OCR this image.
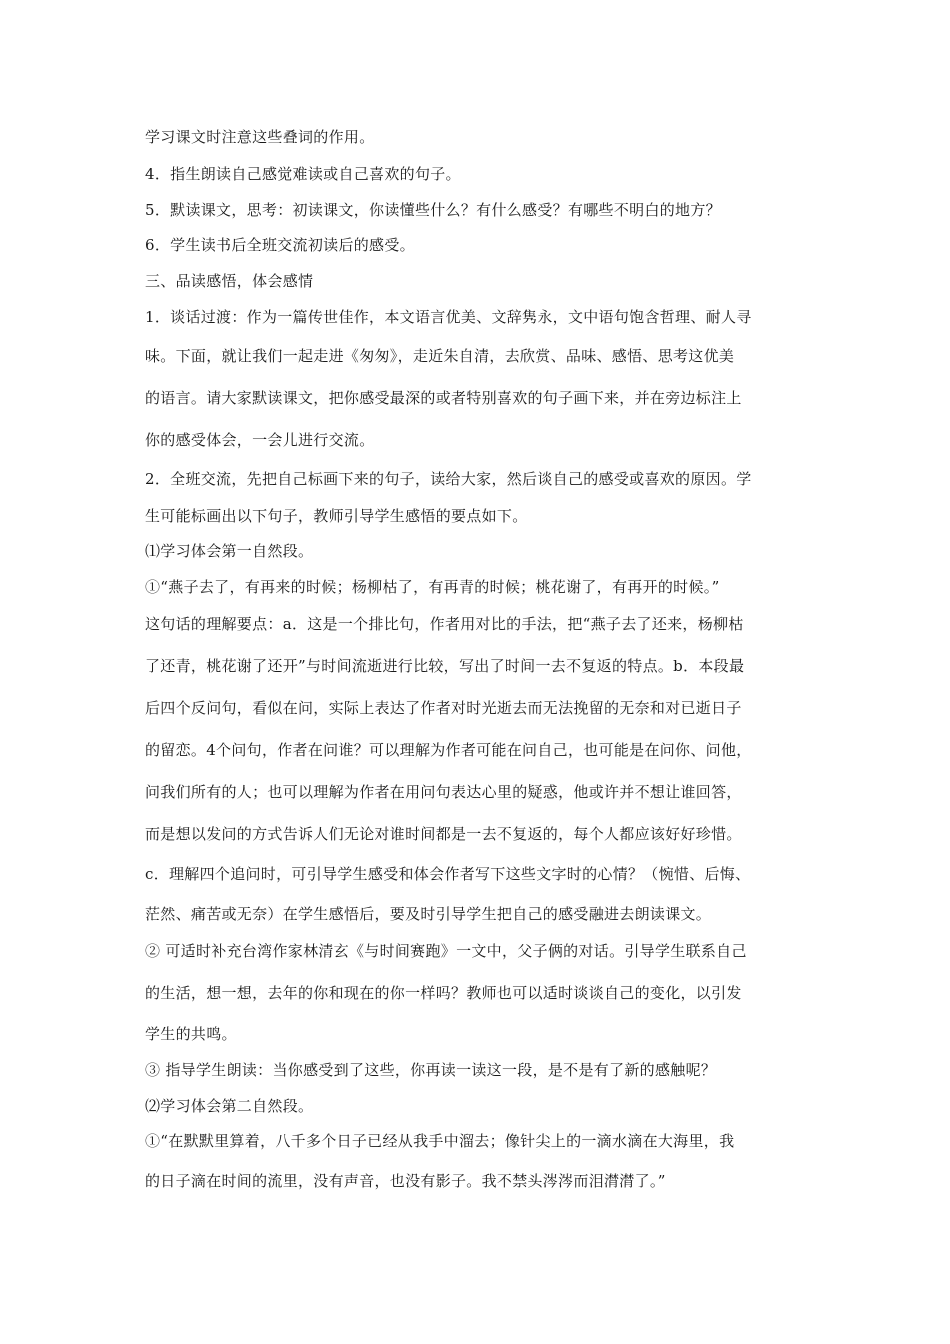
学习课文时注意这些叠词的作用。
4．指生朗读自己感觉难读或自己喜欢的句子。
5．默读课文，思考：初读课文，你读懂些什么？有什么感受？有哪些不明白的地方？
6．学生读书后全班交流初读后的感受。
三、品读感悟，体会感情
1．谈话过渡：作为一篇传世佳作，本文语言优美、文辞隽永，文中语句饱含哲理、耐人寻
味。下面，就让我们一起走进《匆匆》，走近朱自清，去欣赏、品味、感悟、思考这优美
的语言。请大家默读课文，把你感受最深的或者特别喜欢的句子画下来，并在旁边标注上
你的感受体会，一会儿进行交流。
2．全班交流，先把自己标画下来的句子，读给大家，然后谈自己的感受或喜欢的原因。学
生可能标画出以下句子，教师引导学生感悟的要点如下。
⑴学习体会第一自然段。
①“燕子去了，有再来的时候；杨柳枯了，有再青的时候；桃花谢了，有再开的时候。”
这句话的理解要点：a．这是一个排比句，作者用对比的手法，把“燕子去了还来，杨柳枯
了还青，桃花谢了还开”与时间流逝进行比较，写出了时间一去不复返的特点。b．本段最
后四个反问句，看似在问，实际上表达了作者对时光逝去而无法挽留的无奈和对已逝日子
的留恋。4个问句，作者在问谁？可以理解为作者可能在问自己，也可能是在问你、问他，
问我们所有的人；也可以理解为作者在用问句表达心里的疑惑，他或许并不想让谁回答，
而是想以发问的方式告诉人们无论对谁时间都是一去不复返的，每个人都应该好好珍惜。
c．理解四个追问时，可引导学生感受和体会作者写下这些文字时的心情？（惋惜、后悔、
茫然、痛苦或无奈）在学生感悟后，要及时引导学生把自己的感受融进去朗读课文。
② 可适时补充台湾作家林清玄《与时间赛跑》一文中，父子俩的对话。引导学生联系自己
的生活，想一想，去年的你和现在的你一样吗？教师也可以适时谈谈自己的变化，以引发
学生的共鸣。
③ 指导学生朗读：当你感受到了这些，你再读一读这一段，是不是有了新的感触呢？
⑵学习体会第二自然段。
①“在默默里算着，八千多个日子已经从我手中溜去；像针尖上的一滴水滴在大海里，我
的日子滴在时间的流里，没有声音，也没有影子。我不禁头涔涔而泪潸潸了。”
